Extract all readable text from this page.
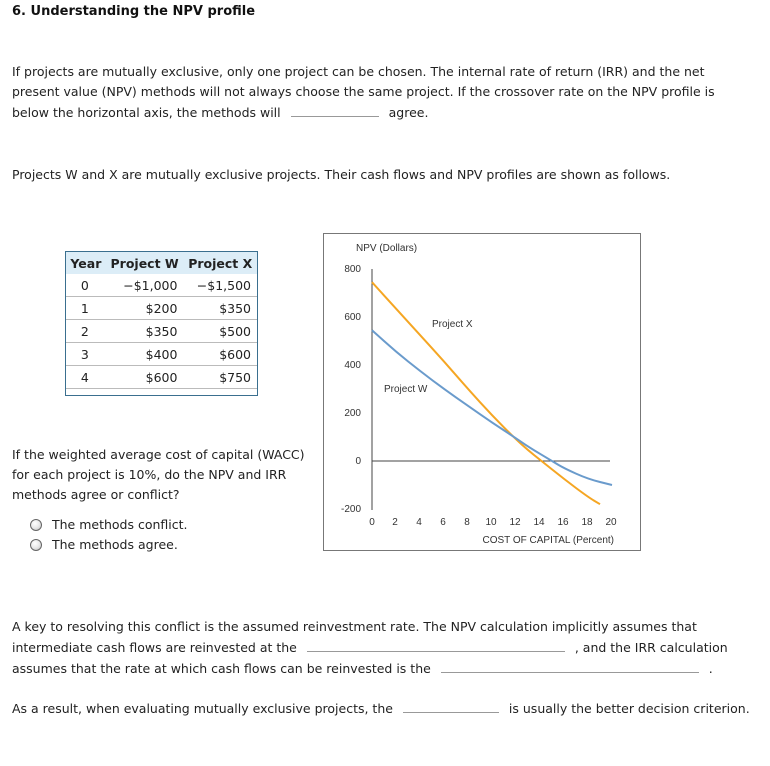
6. Understanding the NPV profile
If projects are mutually exclusive, only one project can be chosen. The internal rate of return (IRR) and the net
present value (NPV) methods will not always choose the same project. If the crossover rate on the NPV profile is
below the horizontal axis, the methods will	agree.
Projects W and X are mutually exclusive projects. Their cash flows and NPV profiles are shown as follows.
Year	Project W	Project X
0	−$1,000	−$1,500
1	$200	$350
2	$350	$500
3	$400	$600
4	$600	$750
If the weighted average cost of capital (WACC)
for each project is 10%, do the NPV and IRR
methods agree or conflict?
The methods conflict.
The methods agree.
NPV (Dollars)
800
600
400
200
0
-200
0 2 4 6 8 10 12 14 16 18 20
COST OF CAPITAL (Percent)
Project X
Project W
A key to resolving this conflict is the assumed reinvestment rate. The NPV calculation implicitly assumes that
intermediate cash flows are reinvested at the	, and the IRR calculation
assumes that the rate at which cash flows can be reinvested is the	.
As a result, when evaluating mutually exclusive projects, the	is usually the better decision criterion.
